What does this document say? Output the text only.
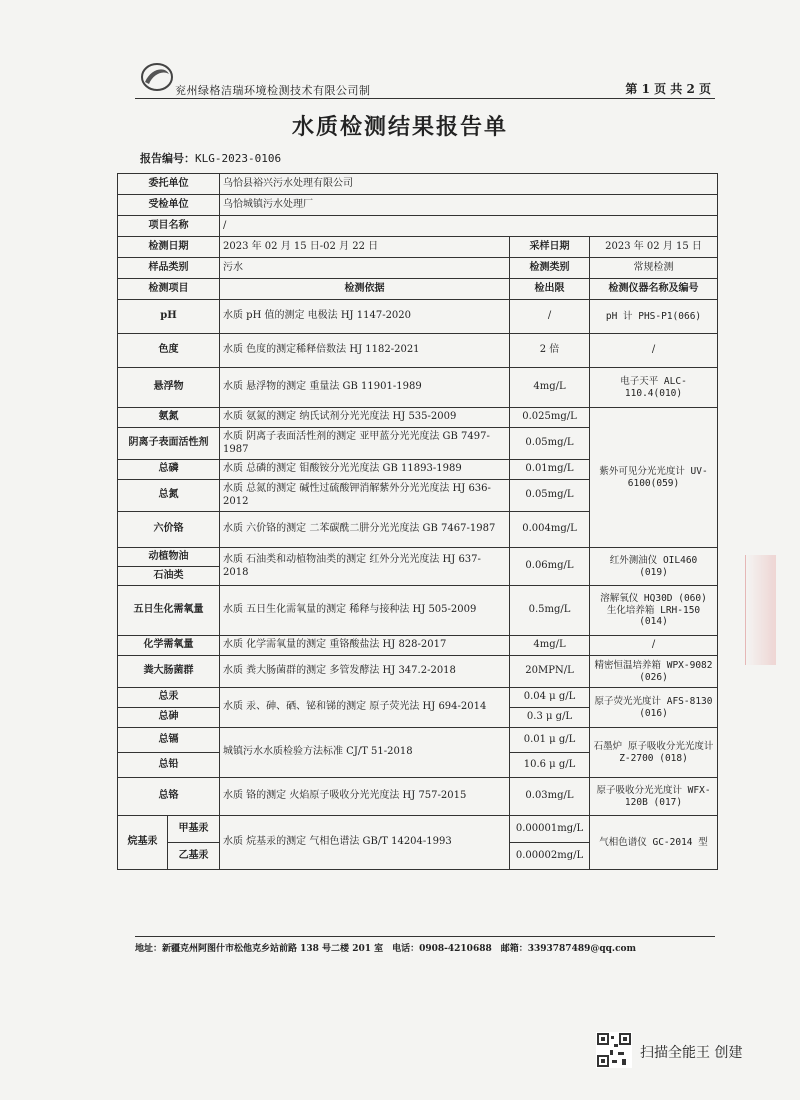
兖州绿格洁瑞环境检测技术有限公司制	第 1 页 共 2 页
水质检测结果报告单
报告编号：KLG-2023-0106
委托单位		乌恰县裕兴污水处理有限公司		
受检单位		乌恰城镇污水处理厂		
项目名称		/		
检测日期		2023 年 02 月 15 日-02 月 22 日	采样日期	2023 年 02 月 15 日
样品类别		污水	检测类别	常规检测
检测项目		检测依据	检出限	检测仪器名称及编号
pH		水质 pH 值的测定 电极法 HJ 1147-2020	/	pH 计 PHS-P1(066)
色度		水质 色度的测定稀释倍数法 HJ 1182-2021	2 倍	/
悬浮物		水质 悬浮物的测定 重量法 GB 11901-1989	4mg/L	电子天平 ALC-110.4(010)
氨氮		水质 氨氮的测定 纳氏试剂分光光度法 HJ 535-2009	0.025mg/L	紫外可见分光光度计 UV-6100(059)
阴离子表面活性剂		水质 阴离子表面活性剂的测定 亚甲蓝分光光度法 GB 7497-1987	0.05mg/L	
总磷		水质 总磷的测定 钼酸铵分光光度法 GB 11893-1989	0.01mg/L	
总氮		水质 总氮的测定 碱性过硫酸钾消解紫外分光光度法 HJ 636-2012	0.05mg/L	
六价铬		水质 六价铬的测定 二苯碳酰二肼分光光度法 GB 7467-1987	0.004mg/L	
动植物油		水质 石油类和动植物油类的测定 红外分光光度法 HJ 637-2018	0.06mg/L	红外测油仪 OIL460 (019)
石油类				
五日生化需氧量		水质 五日生化需氧量的测定 稀释与接种法 HJ 505-2009	0.5mg/L	溶解氧仪 HQ30D (060) 生化培养箱 LRH-150 (014)
化学需氧量		水质 化学需氧量的测定 重铬酸盐法 HJ 828-2017	4mg/L	/
粪大肠菌群		水质 粪大肠菌群的测定 多管发酵法 HJ 347.2-2018	20MPN/L	精密恒温培养箱 WPX-9082 (026)
总汞		水质 汞、砷、硒、铋和锑的测定 原子荧光法 HJ 694-2014	0.04 μ g/L	原子荧光光度计 AFS-8130 (016)
总砷			0.3 μ g/L	
总镉		城镇污水水质检验方法标准 CJ/T 51-2018	0.01 μ g/L	石墨炉 原子吸收分光光度计 Z-2700 (018)
总铅			10.6 μ g/L	
总铬		水质 铬的测定 火焰原子吸收分光光度法 HJ 757-2015	0.03mg/L	原子吸收分光光度计 WFX-120B (017)
烷基汞	甲基汞	水质 烷基汞的测定 气相色谱法 GB/T 14204-1993	0.00001mg/L	气相色谱仪 GC-2014 型
	乙基汞		0.00002mg/L	
地址：新疆克州阿图什市松他克乡站前路 138 号二楼 201 室　电话：0908-4210688　邮箱：3393787489@qq.com
扫描全能王 创建
